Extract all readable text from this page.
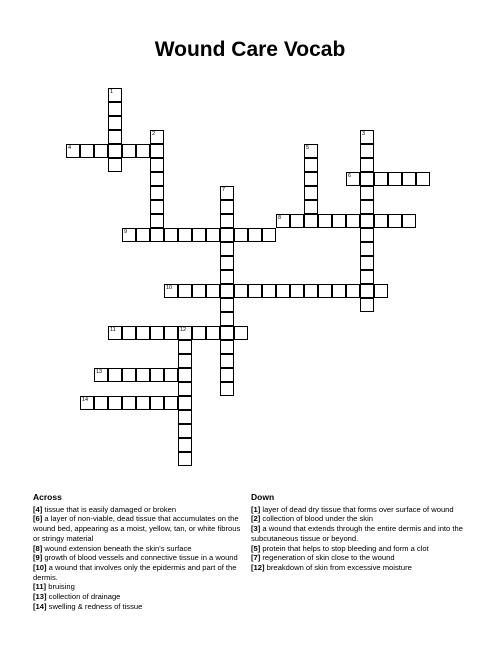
Wound Care Vocab
1
2	3
4	5
6
7
8
9
10
11	12
13
14
Across
[4] tissue that is easily damaged or broken
[6] a layer of non-viable, dead tissue that accumulates on the wound bed, appearing as a moist, yellow, tan, or white fibrous or stringy material
[8] wound extension beneath the skin's surface
[9] growth of blood vessels and connective tissue in a wound
[10] a wound that involves only the epidermis and part of the dermis.
[11] bruising
[13] collection of drainage
[14] swelling & redness of tissue
Down
[1] layer of dead dry tissue that forms over surface of wound
[2] collection of blood under the skin
[3] a wound that extends through the entire dermis and into the subcutaneous tissue or beyond.
[5] protein that helps to stop bleeding and form a clot
[7] regeneration of skin close to the wound
[12] breakdown of skin from excessive moisture
